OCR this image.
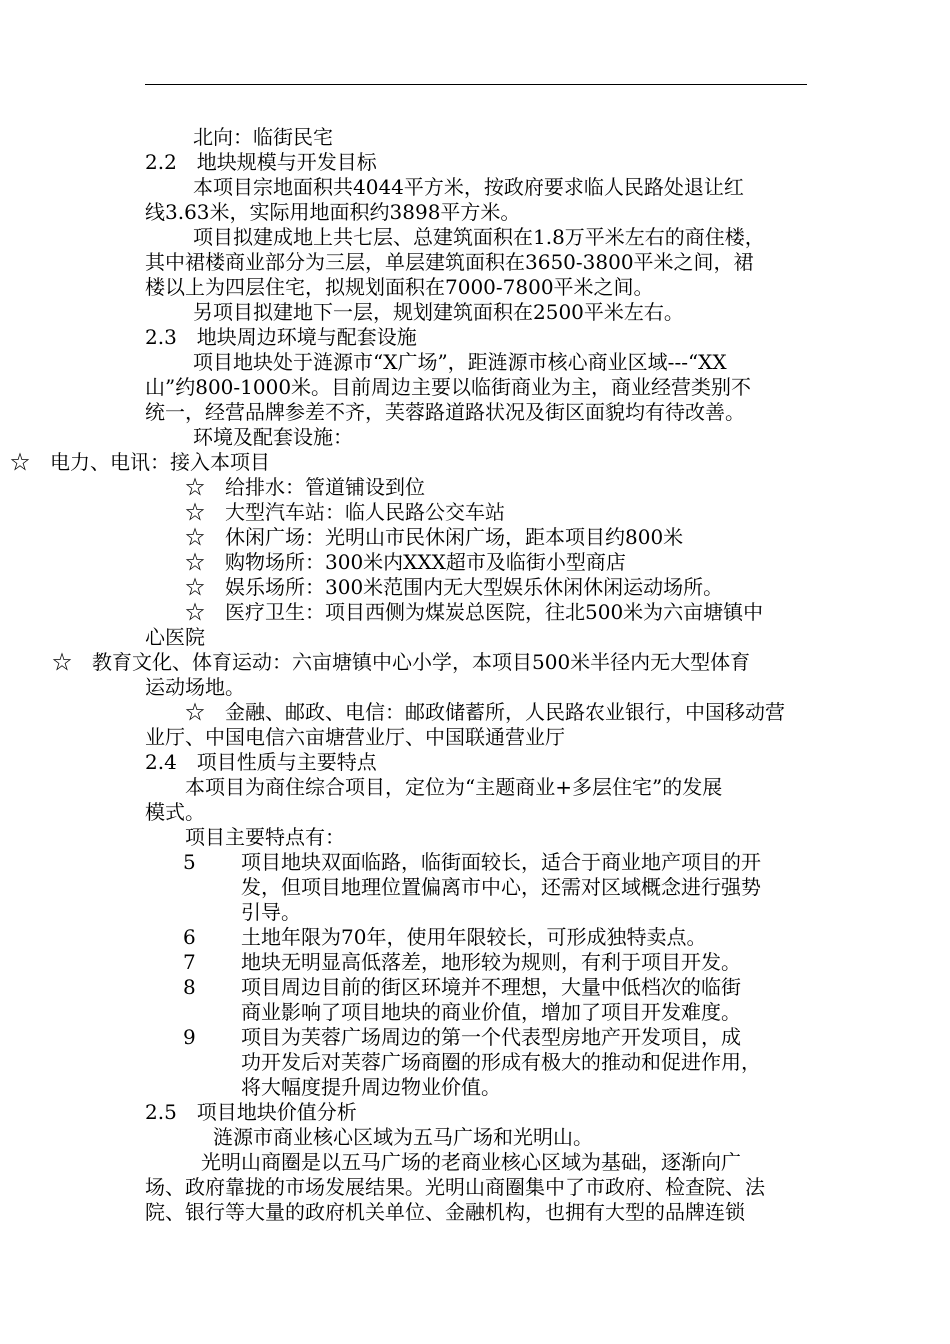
北向：临街民宅
2.2　地块规模与开发目标
本项目宗地面积共4044平方米，按政府要求临人民路处退让红
线3.63米，实际用地面积约3898平方米。
项目拟建成地上共七层、总建筑面积在1.8万平米左右的商住楼，
其中裙楼商业部分为三层，单层建筑面积在3650-3800平米之间，裙
楼以上为四层住宅，拟规划面积在7000-7800平米之间。
另项目拟建地下一层，规划建筑面积在2500平米左右。
2.3　地块周边环境与配套设施
项目地块处于涟源市“X广场”，距涟源市核心商业区域---“XX
山”约800-1000米。目前周边主要以临街商业为主，商业经营类别不
统一，经营品牌参差不齐，芙蓉路道路状况及街区面貌均有待改善。
环境及配套设施：
☆　电力、电讯：接入本项目
☆　给排水：管道铺设到位
☆　大型汽车站：临人民路公交车站
☆　休闲广场：光明山市民休闲广场，距本项目约800米
☆　购物场所：300米内XXX超市及临街小型商店
☆　娱乐场所：300米范围内无大型娱乐休闲休闲运动场所。
☆　医疗卫生：项目西侧为煤炭总医院，往北500米为六亩塘镇中
心医院
☆　教育文化、体育运动：六亩塘镇中心小学，本项目500米半径内无大型体育
运动场地。
☆　金融、邮政、电信：邮政储蓄所，人民路农业银行，中国移动营
业厅、中国电信六亩塘营业厅、中国联通营业厅
2.4　项目性质与主要特点
本项目为商住综合项目，定位为“主题商业+多层住宅”的发展
模式。
项目主要特点有：
5 项目地块双面临路，临街面较长，适合于商业地产项目的开
发，但项目地理位置偏离市中心，还需对区域概念进行强势
引导。
6 土地年限为70年，使用年限较长，可形成独特卖点。
7 地块无明显高低落差，地形较为规则，有利于项目开发。
8 项目周边目前的街区环境并不理想，大量中低档次的临街
商业影响了项目地块的商业价值，增加了项目开发难度。
9 项目为芙蓉广场周边的第一个代表型房地产开发项目，成
功开发后对芙蓉广场商圈的形成有极大的推动和促进作用，
将大幅度提升周边物业价值。
2.5　项目地块价值分析
涟源市商业核心区域为五马广场和光明山。
光明山商圈是以五马广场的老商业核心区域为基础，逐渐向广
场、政府靠拢的市场发展结果。光明山商圈集中了市政府、检查院、法
院、银行等大量的政府机关单位、金融机构，也拥有大型的品牌连锁
